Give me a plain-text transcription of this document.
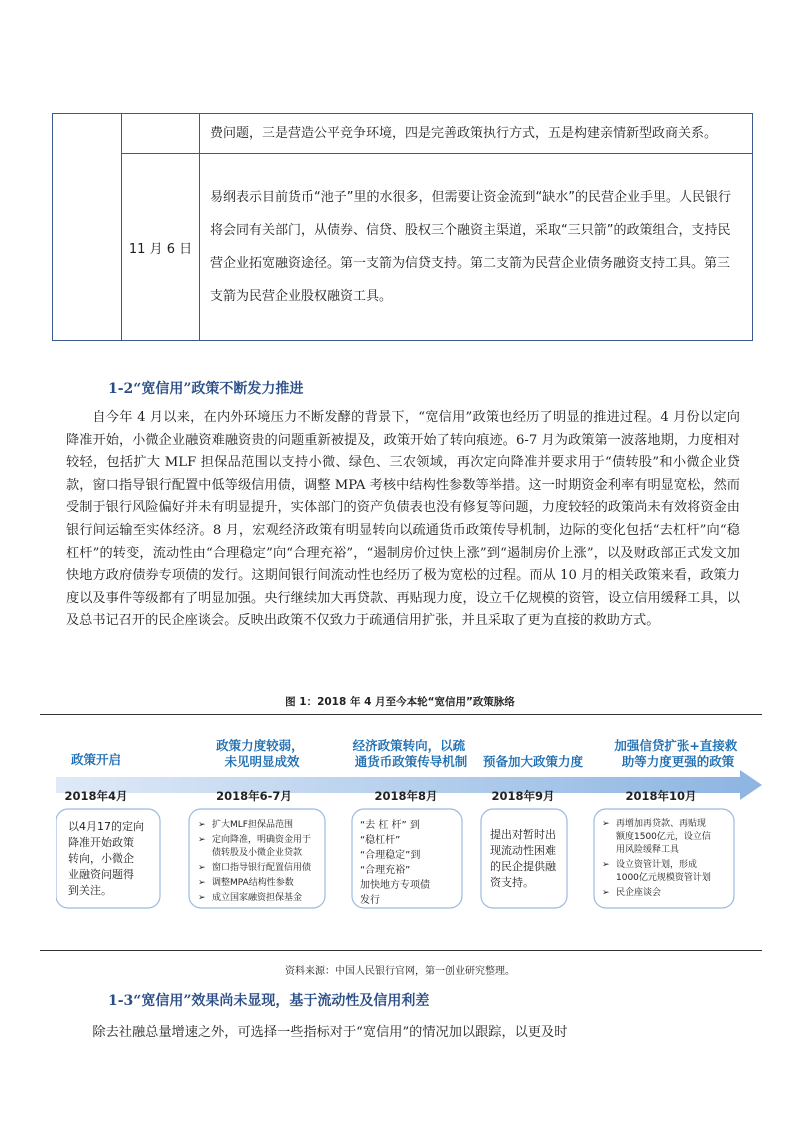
		费问题，三是营造公平竞争环境，四是完善政策执行方式，五是构建亲情新型政商关系。
	11 月 6 日	易纲表示目前货币“池子”里的水很多，但需要让资金流到“缺水”的民营企业手里。人民银行将会同有关部门，从债券、信贷、股权三个融资主渠道，采取“三只箭”的政策组合，支持民营企业拓宽融资途径。第一支箭为信贷支持。第二支箭为民营企业债务融资支持工具。第三支箭为民营企业股权融资工具。
1-2“宽信用”政策不断发力推进

自今年 4 月以来，在内外环境压力不断发酵的背景下，“宽信用”政策也经历了明显的推进过程。4 月份以定向降准开始，小微企业融资难融资贵的问题重新被提及，政策开始了转向痕迹。6-7 月为政策第一波落地期，力度相对较轻，包括扩大 MLF 担保品范围以支持小微、绿色、三农领域，再次定向降准并要求用于“债转股”和小微企业贷款，窗口指导银行配置中低等级信用债，调整 MPA 考核中结构性参数等举措。这一时期资金利率有明显宽松，然而受制于银行风险偏好并未有明显提升，实体部门的资产负债表也没有修复等问题，力度较轻的政策尚未有效将资金由银行间运输至实体经济。8 月，宏观经济政策有明显转向以疏通货币政策传导机制，边际的变化包括“去杠杆”向“稳杠杆”的转变，流动性由“合理稳定”向“合理充裕”，“遏制房价过快上涨”到“遏制房价上涨”，以及财政部正式发文加快地方政府债券专项债的发行。这期间银行间流动性也经历了极为宽松的过程。而从 10 月的相关政策来看，政策力度以及事件等级都有了明显加强。央行继续加大再贷款、再贴现力度，设立千亿规模的资管，设立信用缓释工具，以及总书记召开的民企座谈会。反映出政策不仅致力于疏通信用扩张，并且采取了更为直接的救助方式。

图 1：2018 年 4 月至今本轮“宽信用”政策脉络
政策开启
2018年4月
以4月17的定向 降准开始政策 转向，小微企 业融资问题得 到关注。
政策力度较弱， 未见明显成效
2018年6-7月
➢ 扩大MLF担保品范围
➢ 定向降准，明确资金用于
债转股及小微企业贷款
➢ 窗口指导银行配置信用债
➢ 调整MPA结构性参数
➢ 成立国家融资担保基金
经济政策转向，以疏 通货币政策传导机制
2018年8月
“去 杠 杆” 到 “稳杠杆” “合理稳定”到 “合理充裕” 加快地方专项债 发行
预备加大政策力度
2018年9月
提出对暂时出 现流动性困难 的民企提供融 资支持。
加强信贷扩张+直接救 助等力度更强的政策
2018年10月
➢ 再增加再贷款、再贴现
额度1500亿元，设立信
用风险缓释工具
➢ 设立资管计划，形成
1000亿元规模资管计划
➢ 民企座谈会
资料来源：中国人民银行官网，第一创业研究整理。
1-3“宽信用”效果尚未显现，基于流动性及信用利差

除去社融总量增速之外，可选择一些指标对于“宽信用”的情况加以跟踪，以更及时
